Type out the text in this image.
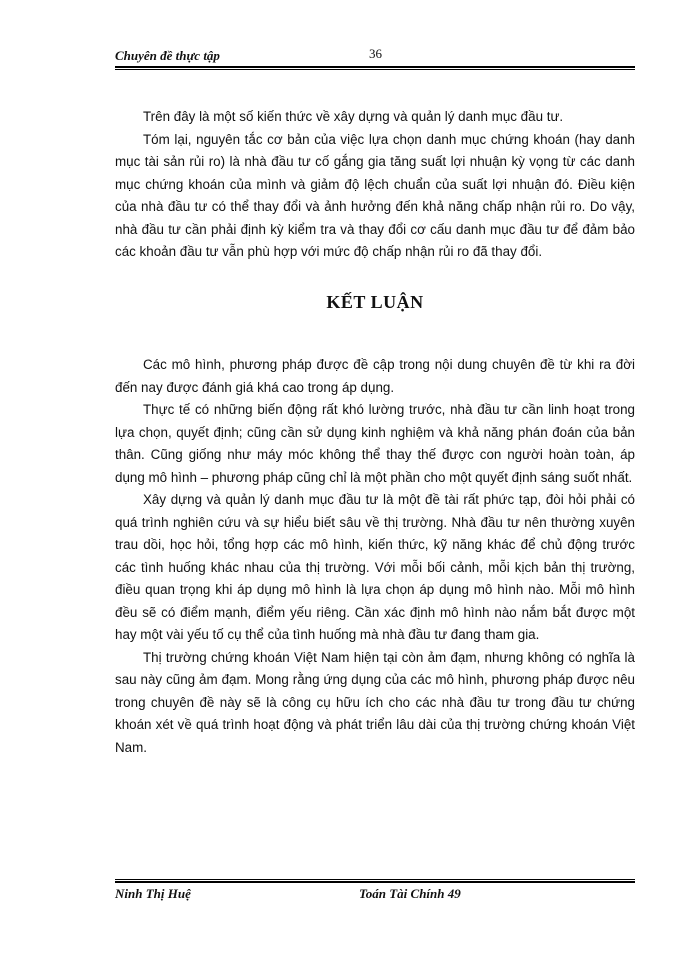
Chuyên đề thực tập	36

Trên đây là một số kiến thức về xây dựng và quản lý danh mục đầu tư.

Tóm lại, nguyên tắc cơ bản của việc lựa chọn danh mục chứng khoán (hay danh mục tài sản rủi ro) là nhà đầu tư cố gắng gia tăng suất lợi nhuận kỳ vọng từ các danh mục chứng khoán của mình và giảm độ lệch chuẩn của suất lợi nhuận đó. Điều kiện của nhà đầu tư có thể thay đổi và ảnh hưởng đến khả năng chấp nhận rủi ro. Do vậy, nhà đầu tư cần phải định kỳ kiểm tra và thay đổi cơ cấu danh mục đầu tư để đảm bảo các khoản đầu tư vẫn phù hợp với mức độ chấp nhận rủi ro đã thay đổi.

KẾT LUẬN

Các mô hình, phương pháp được đề cập trong nội dung chuyên đề từ khi ra đời đến nay được đánh giá khá cao trong áp dụng.

Thực tế có những biến động rất khó lường trước, nhà đầu tư cần linh hoạt trong lựa chọn, quyết định; cũng cần sử dụng kinh nghiệm và khả năng phán đoán của bản thân. Cũng giống như máy móc không thể thay thế được con người hoàn toàn, áp dụng mô hình – phương pháp cũng chỉ là một phần cho một quyết định sáng suốt nhất.

Xây dựng và quản lý danh mục đầu tư là một đề tài rất phức tạp, đòi hỏi phải có quá trình nghiên cứu và sự hiểu biết sâu về thị trường. Nhà đầu tư nên thường xuyên trau dồi, học hỏi, tổng hợp các mô hình, kiến thức, kỹ năng khác để chủ động trước các tình huống khác nhau của thị trường. Với mỗi bối cảnh, mỗi kịch bản thị trường, điều quan trọng khi áp dụng mô hình là lựa chọn áp dụng mô hình nào. Mỗi mô hình đều sẽ có điểm mạnh, điểm yếu riêng. Cần xác định mô hình nào nắm bắt được một hay một vài yếu tố cụ thể của tình huống mà nhà đầu tư đang tham gia.

Thị trường chứng khoán Việt Nam hiện tại còn ảm đạm, nhưng không có nghĩa là sau này cũng ảm đạm. Mong rằng ứng dụng của các mô hình, phương pháp được nêu trong chuyên đề này sẽ là công cụ hữu ích cho các nhà đầu tư trong đầu tư chứng khoán xét về quá trình hoạt động và phát triển lâu dài của thị trường chứng khoán Việt Nam.

Ninh Thị Huệ	Toán Tài Chính 49
